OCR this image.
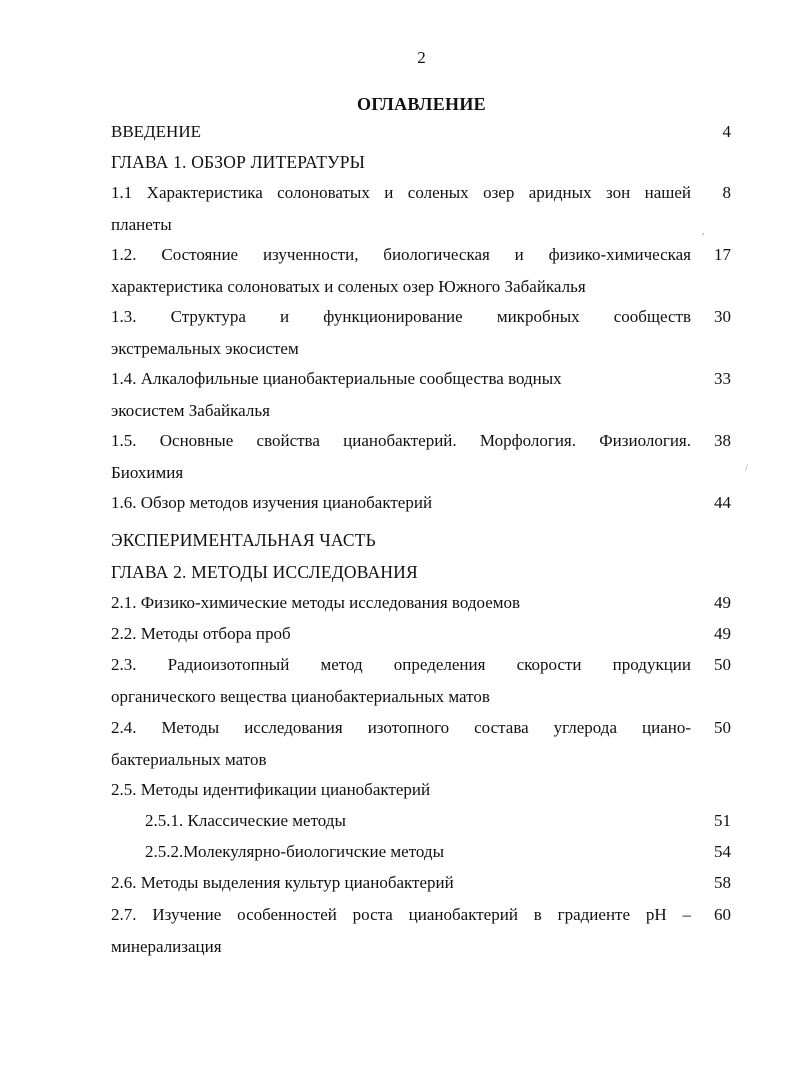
2
ОГЛАВЛЕНИЕ
ВВЕДЕНИЕ	4
ГЛАВА 1. ОБЗОР ЛИТЕРАТУРЫ
1.1 Характеристика солоноватых и соленых озер аридных зон нашей	8
планеты
1.2. Состояние изученности, биологическая и физико-химическая	17
характеристика солоноватых и соленых озер Южного Забайкалья
1.3. Структура и функционирование микробных сообществ	30
экстремальных экосистем
1.4. Алкалофильные цианобактериальные сообщества водных	33
экосистем Забайкалья
1.5. Основные свойства цианобактерий. Морфология. Физиология.	38
Биохимия
1.6. Обзор методов изучения цианобактерий	44
ЭКСПЕРИМЕНТАЛЬНАЯ ЧАСТЬ
ГЛАВА 2. МЕТОДЫ ИССЛЕДОВАНИЯ
2.1. Физико-химические методы исследования водоемов	49
2.2. Методы отбора проб	49
2.3. Радиоизотопный метод определения скорости продукции	50
органического вещества цианобактериальных матов
2.4. Методы исследования изотопного состава углерода циано-	50
бактериальных матов
2.5. Методы идентификации цианобактерий
2.5.1. Классические методы	51
2.5.2.Молекулярно-биологичские методы	54
2.6. Методы выделения культур цианобактерий	58
2.7. Изучение особенностей роста цианобактерий в градиенте pH –	60
минерализация
,
/
